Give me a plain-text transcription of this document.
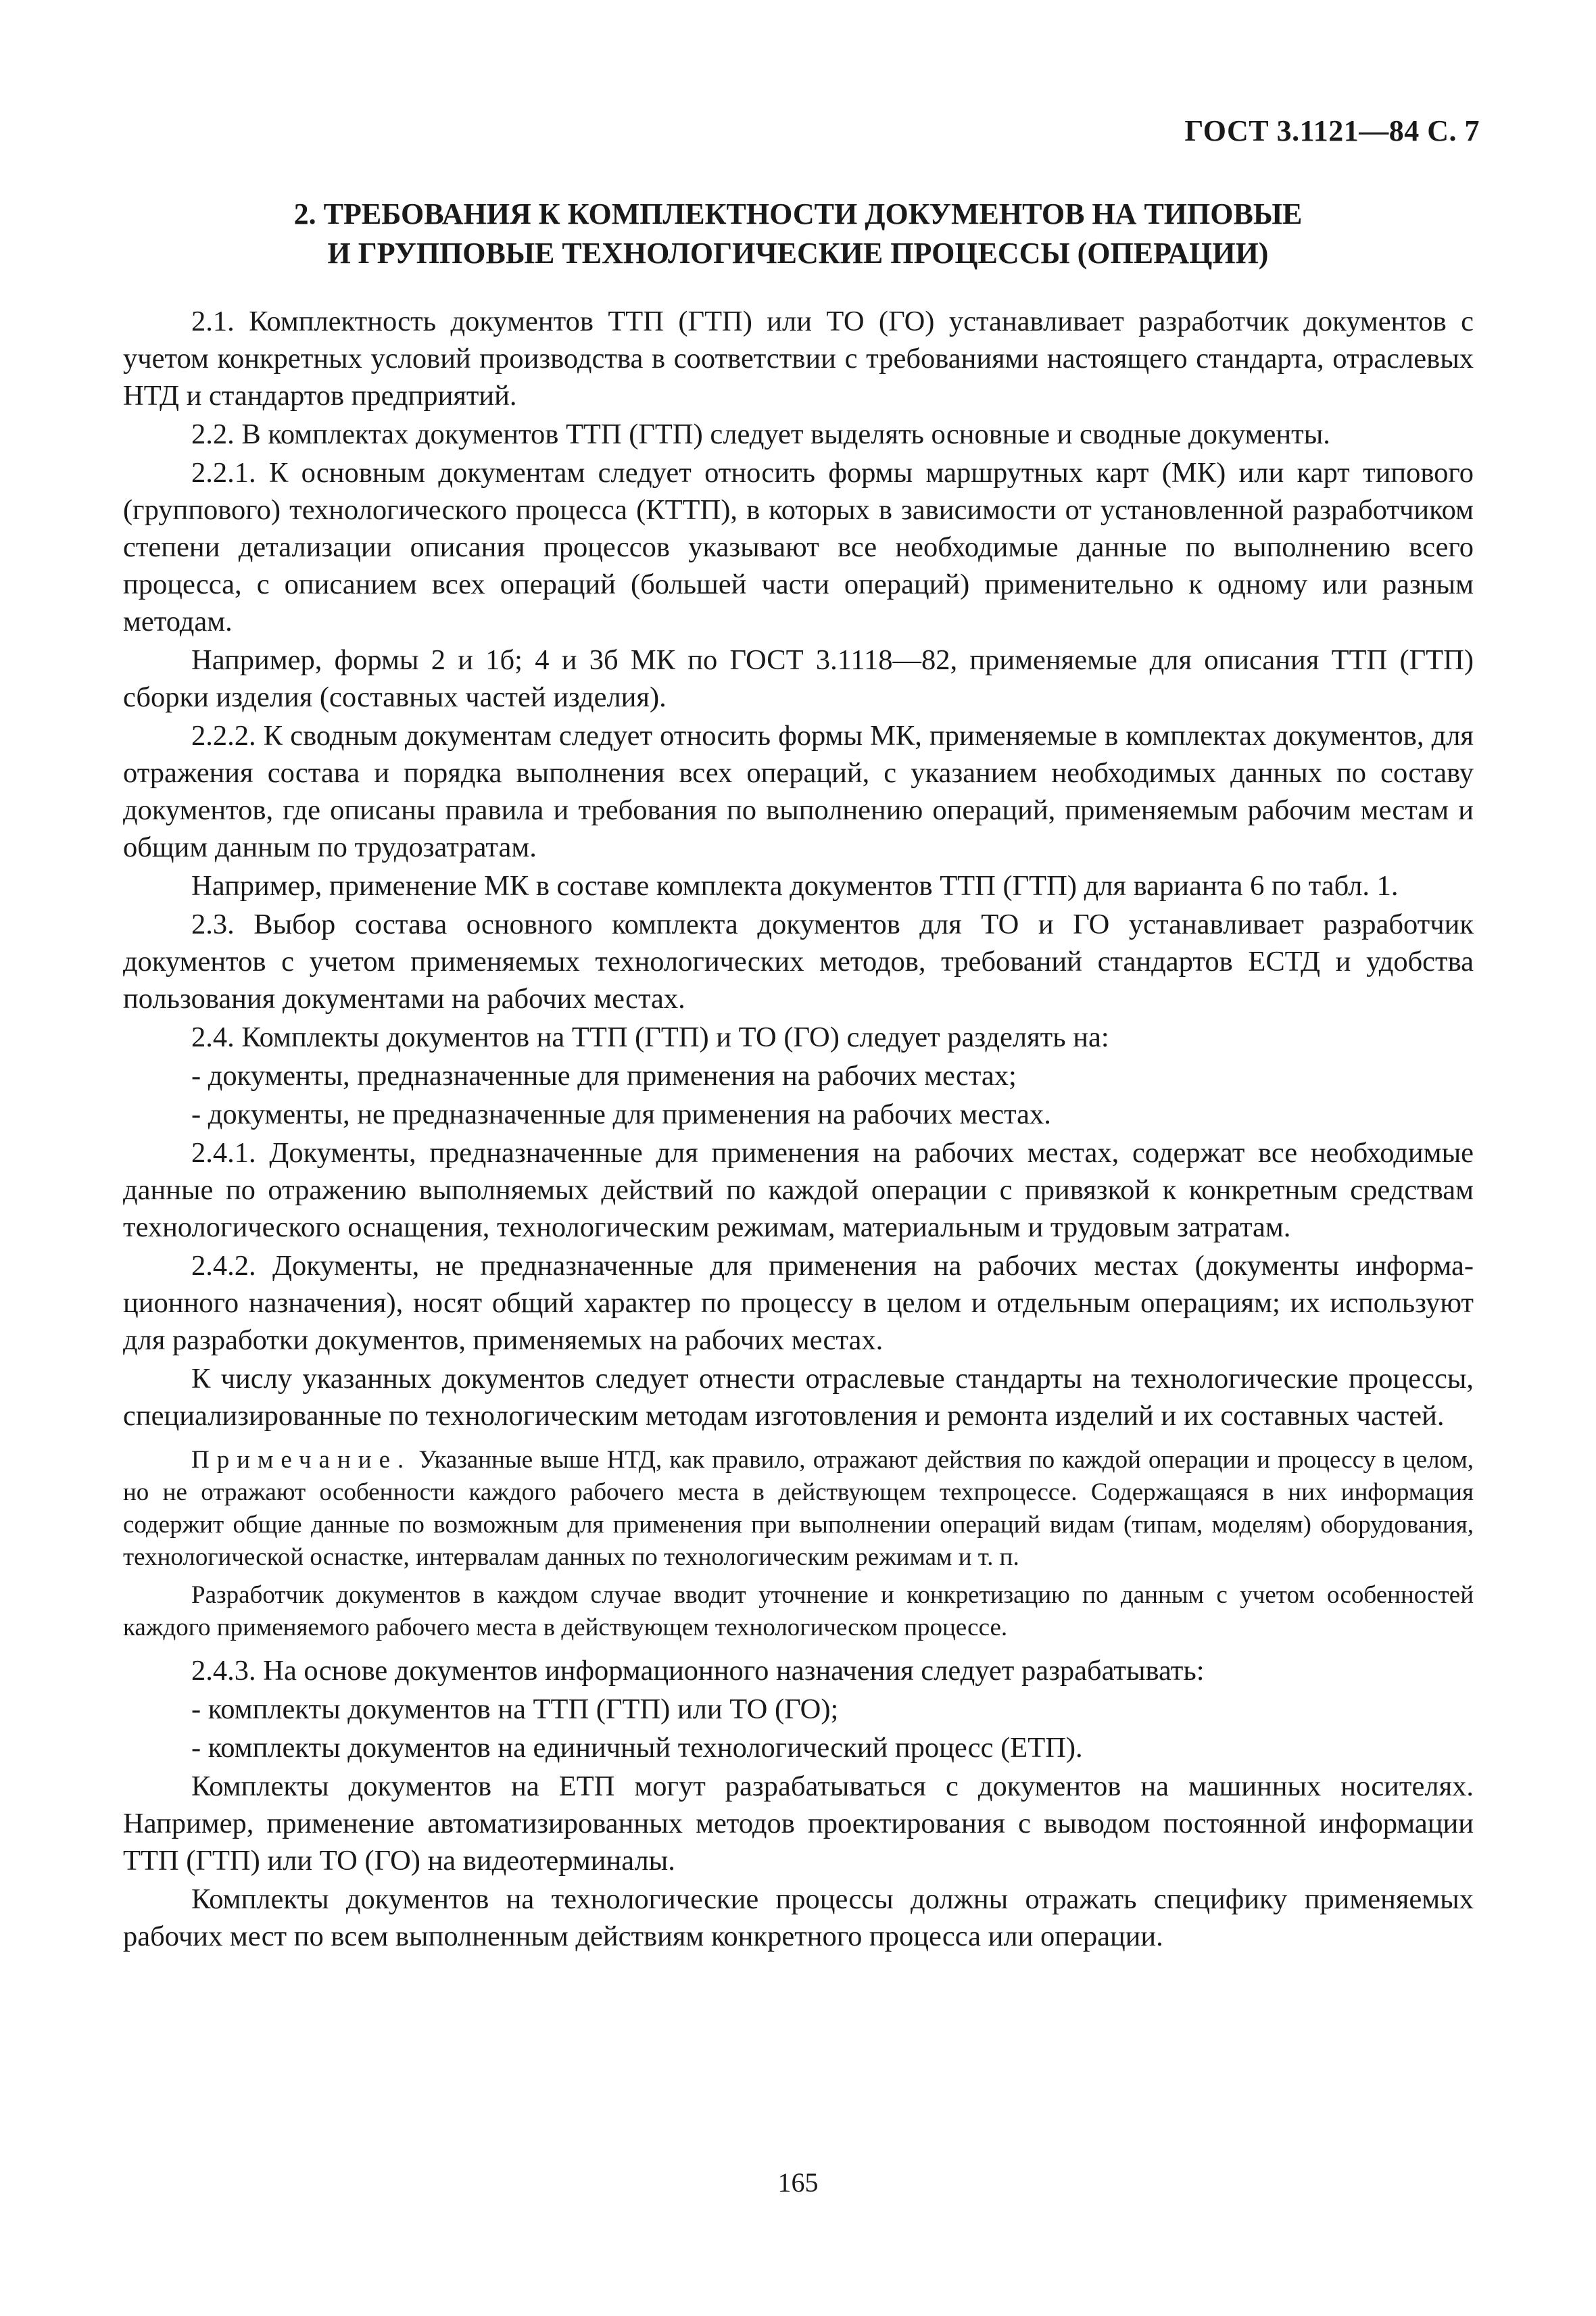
ГОСТ 3.1121—84 С. 7
2. ТРЕБОВАНИЯ К КОМПЛЕКТНОСТИ ДОКУМЕНТОВ НА ТИПОВЫЕ
И ГРУППОВЫЕ ТЕХНОЛОГИЧЕСКИЕ ПРОЦЕССЫ (ОПЕРАЦИИ)

2.1. Комплектность документов ТТП (ГТП) или ТО (ГО) устанавливает разработчик документов с учетом конкретных условий производства в соответствии с требованиями настоящего стандарта, отраслевых НТД и стандартов предприятий.

2.2. В комплектах документов ТТП (ГТП) следует выделять основные и сводные документы.

2.2.1. К основным документам следует относить формы маршрутных карт (МК) или карт типового (группового) технологического процесса (КТТП), в которых в зависимости от установленной разработчиком степени детализации описания процессов указывают все необходимые данные по выполнению всего процесса, с описанием всех операций (большей части операций) применительно к одному или разным методам.

Например, формы 2 и 1б; 4 и 3б МК по ГОСТ 3.1118—82, применяемые для описания ТТП (ГТП) сборки изделия (составных частей изделия).

2.2.2. К сводным документам следует относить формы МК, применяемые в комплектах документов, для отражения состава и порядка выполнения всех операций, с указанием необходимых данных по составу документов, где описаны правила и требования по выполнению операций, применяемым рабочим местам и общим данным по трудозатратам.

Например, применение МК в составе комплекта документов ТТП (ГТП) для варианта 6 по табл. 1.

2.3. Выбор состава основного комплекта документов для ТО и ГО устанавливает разработчик документов с учетом применяемых технологических методов, требований стандартов ЕСТД и удобства пользования документами на рабочих местах.

2.4. Комплекты документов на ТТП (ГТП) и ТО (ГО) следует разделять на:

- документы, предназначенные для применения на рабочих местах;

- документы, не предназначенные для применения на рабочих местах.

2.4.1. Документы, предназначенные для применения на рабочих местах, содержат все необходимые данные по отражению выполняемых действий по каждой операции с привязкой к конкретным средствам технологического оснащения, технологическим режимам, материальным и трудовым затратам.

2.4.2. Документы, не предназначенные для применения на рабочих местах (документы информационного назначения), носят общий характер по процессу в целом и отдельным операциям; их используют для разработки документов, применяемых на рабочих местах.

К числу указанных документов следует отнести отраслевые стандарты на технологические процессы, специализированные по технологическим методам изготовления и ремонта изделий и их составных частей.

Примечание. Указанные выше НТД, как правило, отражают действия по каждой операции и процессу в целом, но не отражают особенности каждого рабочего места в действующем техпроцессе. Содержащаяся в них информация содержит общие данные по возможным для применения при выполнении операций видам (типам, моделям) оборудования, технологической оснастке, интервалам данных по технологическим режимам и т. п.

Разработчик документов в каждом случае вводит уточнение и конкретизацию по данным с учетом особенностей каждого применяемого рабочего места в действующем технологическом процессе.

2.4.3. На основе документов информационного назначения следует разрабатывать:

- комплекты документов на ТТП (ГТП) или ТО (ГО);

- комплекты документов на единичный технологический процесс (ЕТП).

Комплекты документов на ЕТП могут разрабатываться с документов на машинных носителях. Например, применение автоматизированных методов проектирования с выводом постоянной информации ТТП (ГТП) или ТО (ГО) на видеотерминалы.

Комплекты документов на технологические процессы должны отражать специфику применяемых рабочих мест по всем выполненным действиям конкретного процесса или операции.

165
